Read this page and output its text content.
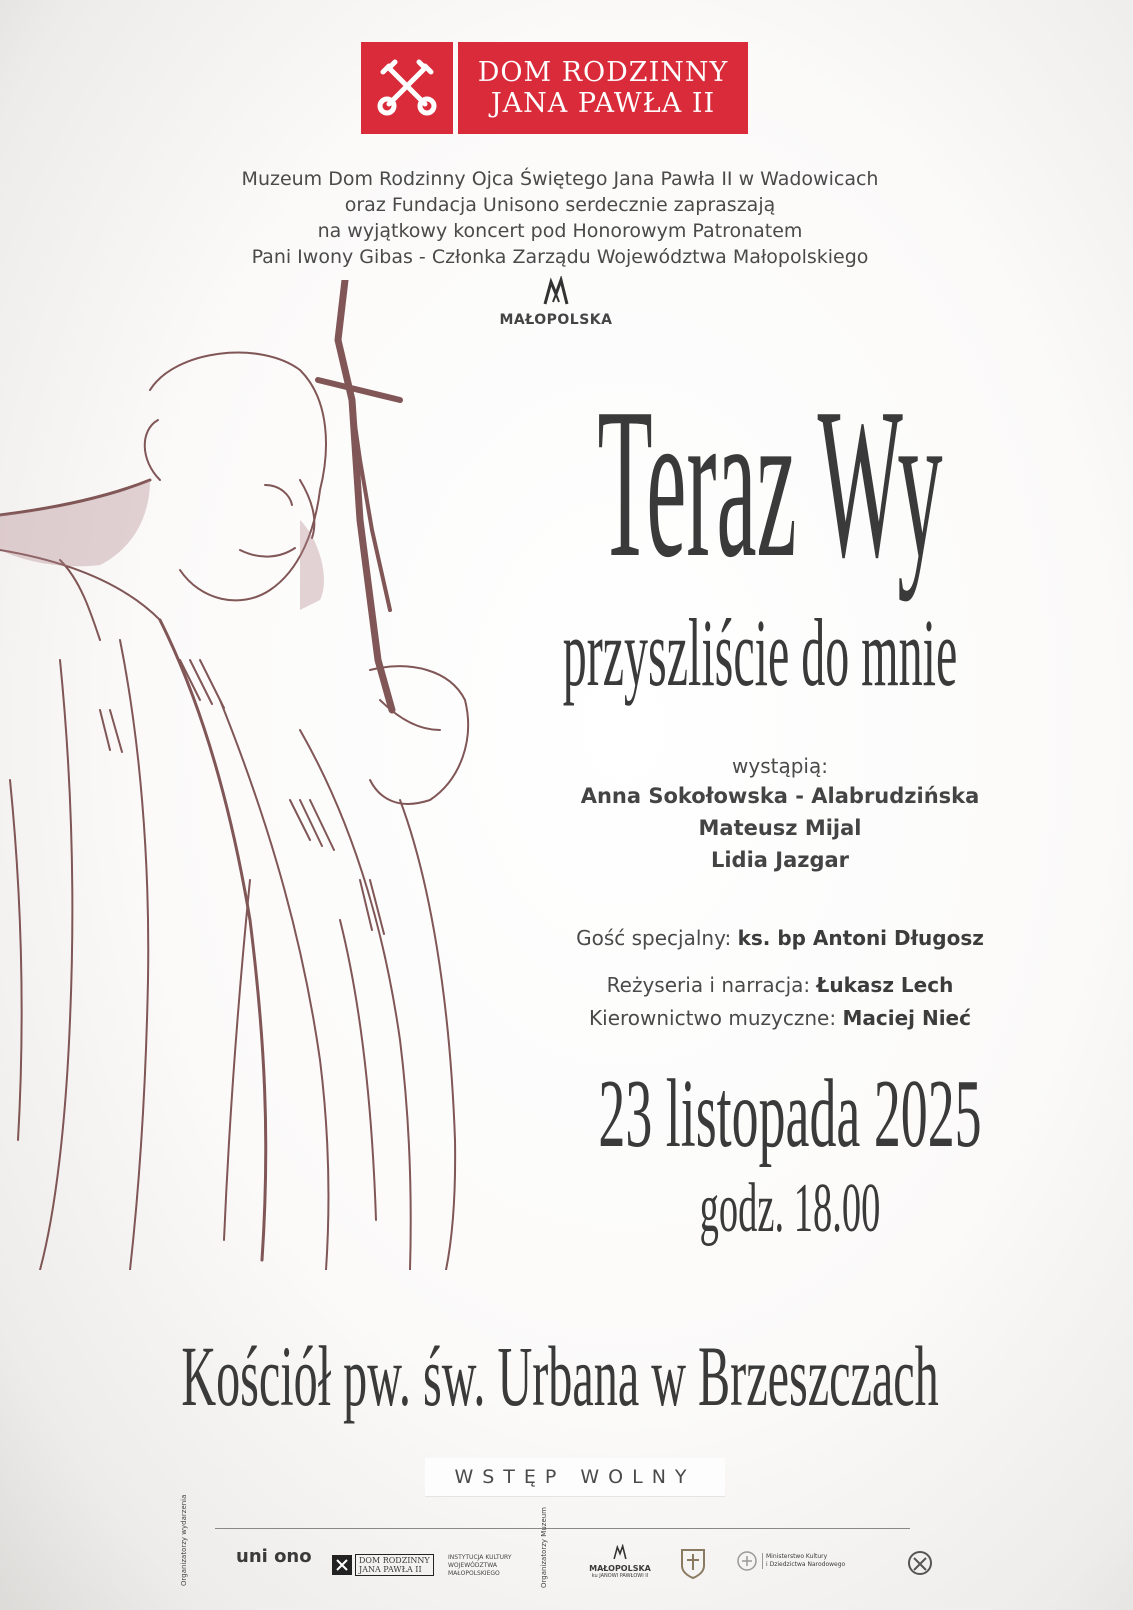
DOM RODZINNY
JANA PAWŁA II
Muzeum Dom Rodzinny Ojca Świętego Jana Pawła II w Wadowicach
oraz Fundacja Unisono serdecznie zapraszają
na wyjątkowy koncert pod Honorowym Patronatem
Pani Iwony Gibas - Członka Zarządu Województwa Małopolskiego
MAŁOPOLSKA
Teraz Wy
przyszliście do mnie
wystąpią:
Anna Sokołowska - Alabrudzińska
Mateusz Mijal
Lidia Jazgar
Gość specjalny: ks. bp Antoni Długosz
Reżyseria i narracja: Łukasz Lech
Kierownictwo muzyczne: Maciej Nieć
23 listopada 2025
godz. 18.00
Kościół pw. św. Urbana w Brzeszczach
WSTĘP WOLNY
Organizatorzy wydarzenia	uni ono	DOM RODZINNY
JANA PAWŁA II
INSTYTUCJA KULTURY WOJEWÓDZTWA MAŁOPOLSKIEGO	Organizatorzy Muzeum	MAŁOPOLSKA
ku JANOWI PAWŁOWI II
Ministerstwo Kultury
i Dziedzictwa Narodowego
